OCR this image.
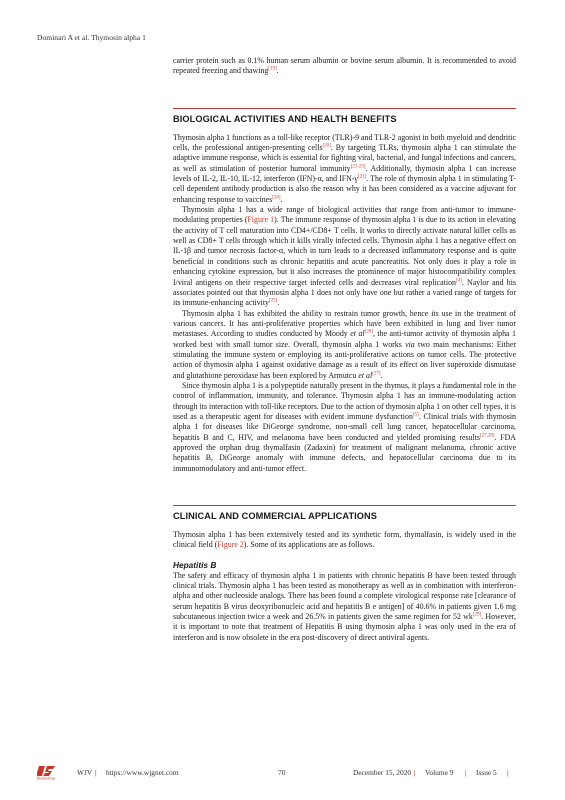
Dominari A et al. Thymosin alpha 1

carrier protein such as 0.1% human serum albumin or bovine serum albumin. It is recommended to avoid repeated freezing and thawing[19].

BIOLOGICAL ACTIVITIES AND HEALTH BENEFITS

Thymosin alpha 1 functions as a toll-like receptor (TLR)-9 and TLR-2 agonist in both myeloid and dendritic cells, the professional antigen-presenting cells[20]. By targeting TLRs, thymosin alpha 1 can stimulate the adaptive immune response, which is essential for fighting viral, bacterial, and fungal infections and cancers, as well as stimulation of posterior humoral immunity[21-23]. Additionally, thymosin alpha 1 can increase levels of IL-2, IL-10, IL-12, interferon (IFN)-α, and IFN-γ[21]. The role of thymosin alpha 1 in stimulating T-cell dependent antibody production is also the reason why it has been considered as a vaccine adjuvant for enhancing response to vaccines[24].

Thymosin alpha 1 has a wide range of biological activities that range from anti-tumor to immune-modulating properties (Figure 1). The immune response of thymosin alpha 1 is due to its action in elevating the activity of T cell maturation into CD4+/CD8+ T cells. It works to directly activate natural killer cells as well as CD8+ T cells through which it kills virally infected cells. Thymosin alpha 1 has a negative effect on IL-1β and tumor necrosis factor-α, which in turn leads to a decreased inflammatory response and is quite beneficial in conditions such as chronic hepatitis and acute pancreatitis. Not only does it play a role in enhancing cytokine expression, but it also increases the prominence of major histocompatibility complex I/viral antigens on their respective target infected cells and decreases viral replication[4]. Naylor and his associates pointed out that thymosin alpha 1 does not only have one but rather a varied range of targets for its immune-enhancing activity[25].

Thymosin alpha 1 has exhibited the ability to restrain tumor growth, hence its use in the treatment of various cancers. It has anti-proliferative properties which have been exhibited in lung and liver tumor metastases. According to studies conducted by Moody et al[26], the anti-tumor activity of thymosin alpha 1 worked best with small tumor size. Overall, thymosin alpha 1 works via two main mechanisms: Either stimulating the immune system or employing its anti-proliferative actions on tumor cells. The protective action of thymosin alpha 1 against oxidative damage as a result of its effect on liver superoxide dismutase and glutathione peroxidase has been explored by Armutcu et al[27].

Since thymosin alpha 1 is a polypeptide naturally present in the thymus, it plays a fundamental role in the control of inflammation, immunity, and tolerance. Thymosin alpha 1 has an immune-modulating action through its interaction with toll-like receptors. Due to the action of thymosin alpha 1 on other cell types, it is used as a therapeutic agent for diseases with evident immune dysfunction[5]. Clinical trials with thymosin alpha 1 for diseases like DiGeorge syndrome, non-small cell lung cancer, hepatocellular carcinoma, hepatitis B and C, HIV, and melanoma have been conducted and yielded promising results[27,28]. FDA approved the orphan drug thymalfasin (Zadaxin) for treatment of malignant melanoma, chronic active hepatitis B, DiGeorge anomaly with immune defects, and hepatocellular carcinoma due to its immunomodulatory and anti-tumor effect.

CLINICAL AND COMMERCIAL APPLICATIONS

Thymosin alpha 1 has been extensively tested and its synthetic form, thymalfasin, is widely used in the clinical field (Figure 2). Some of its applications are as follows.

Hepatitis B

The safety and efficacy of thymosin alpha 1 in patients with chronic hepatitis B have been tested through clinical trials. Thymosin alpha 1 has been tested as monotherapy as well as in combination with interferon-alpha and other nucleoside analogs. There has been found a complete virological response rate [clearance of serum hepatitis B virus deoxyribonucleic acid and hepatitis B e antigen] of 40.6% in patients given 1.6 mg subcutaneous injection twice a week and 26.5% in patients given the same regimen for 52 wk[29]. However, it is important to note that treatment of Hepatitis B using thymosin alpha 1 was only used in the era of interferon and is now obsolete in the era post-discovery of direct antiviral agents.

Baishideng
WJV | https://www.wjgnet.com	70	December 15, 2020 | Volume 9 | Issue 5 |
